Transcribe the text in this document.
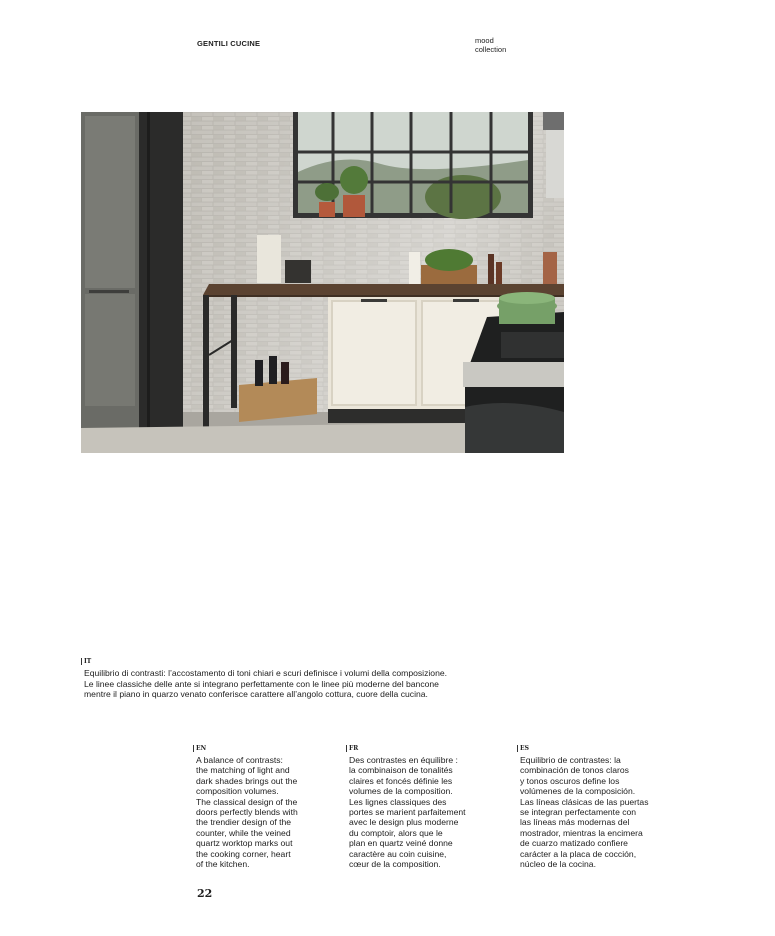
GENTILI CUCINE	mood
collection
IT
Equilibrio di contrasti: l’accostamento di toni chiari e scuri definisce i volumi della composizione.
Le linee classiche delle ante si integrano perfettamente con le linee più moderne del bancone
mentre il piano in quarzo venato conferisce carattere all’angolo cottura, cuore della cucina.
EN
A balance of contrasts:
the matching of light and
dark shades brings out the
composition volumes.
The classical design of the
doors perfectly blends with
the trendier design of the
counter, while the veined
quartz worktop marks out
the cooking corner, heart
of the kitchen.
FR
Des contrastes en équilibre :
la combinaison de tonalités
claires et foncés définie les
volumes de la composition.
Les lignes classiques des
portes se marient parfaitement
avec le design plus moderne
du comptoir, alors que le
plan en quartz veiné donne
caractère au coin cuisine,
cœur de la composition.
ES
Equilibrio de contrastes: la
combinación de tonos claros
y tonos oscuros define los
volúmenes de la composición.
Las líneas clásicas de las puertas
se integran perfectamente con
las líneas más modernas del
mostrador, mientras la encimera
de cuarzo matizado confiere
carácter a la placa de cocción,
núcleo de la cocina.
22
